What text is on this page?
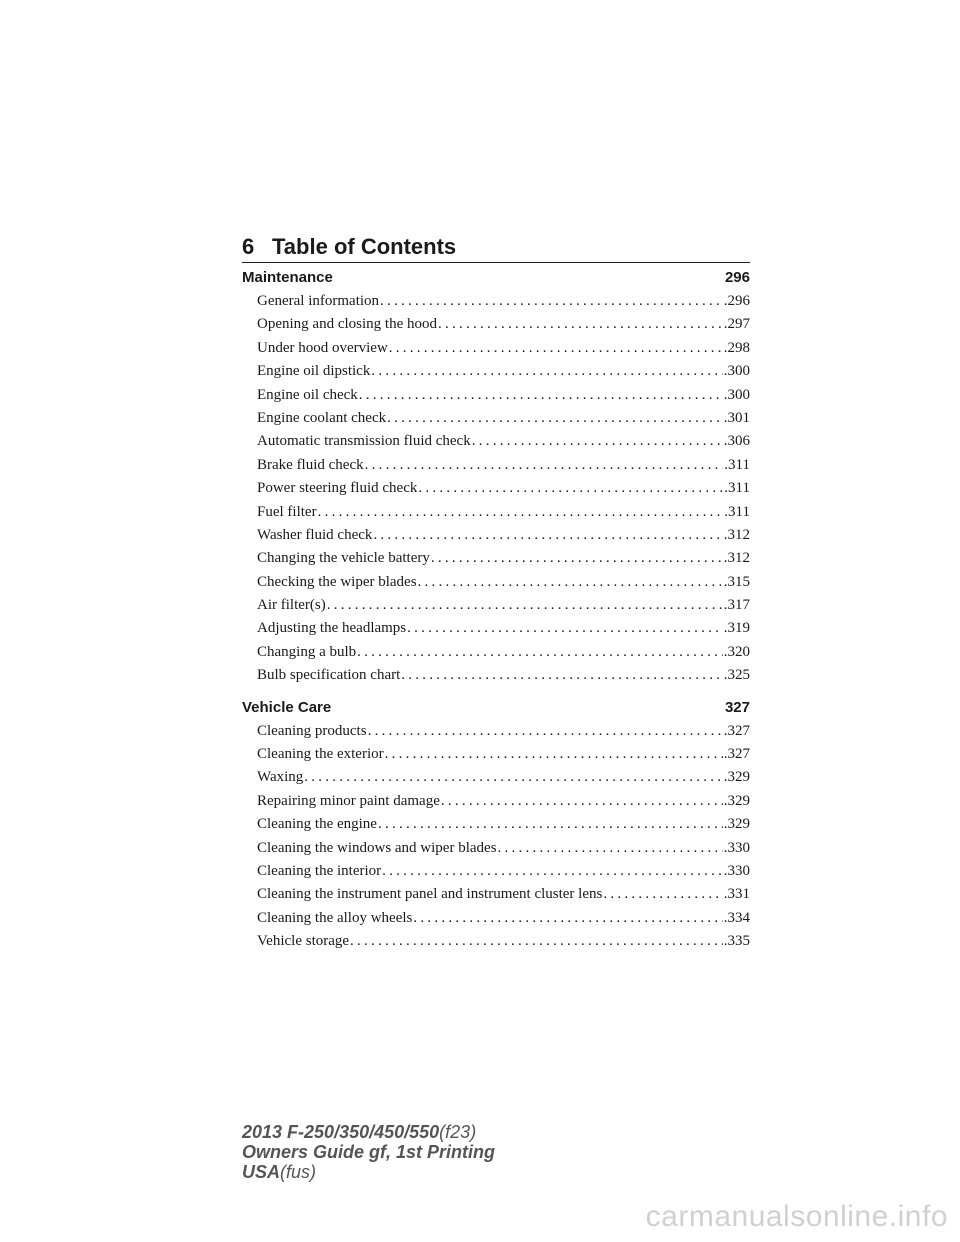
6 Table of Contents
Maintenance	296
General information . . .	.296
Opening and closing the hood . . .	.297
Under hood overview . . .	.298
Engine oil dipstick . . .	.300
Engine oil check . . .	.300
Engine coolant check . . .	.301
Automatic transmission fluid check . . .	.306
Brake fluid check . . .	.311
Power steering fluid check . . .	.311
Fuel filter . . .	.311
Washer fluid check . . .	.312
Changing the vehicle battery . . .	.312
Checking the wiper blades . . .	.315
Air filter(s) . . .	.317
Adjusting the headlamps . . .	.319
Changing a bulb . . .	.320
Bulb specification chart . . .	.325
Vehicle Care	327
Cleaning products . . .	.327
Cleaning the exterior . . .	.327
Waxing . . .	.329
Repairing minor paint damage . . .	.329
Cleaning the engine . . .	.329
Cleaning the windows and wiper blades . . .	.330
Cleaning the interior . . .	.330
Cleaning the instrument panel and instrument cluster lens . . .	.331
Cleaning the alloy wheels . . .	.334
Vehicle storage . . .	.335
2013 F-250/350/450/550(f23)
Owners Guide gf, 1st Printing
USA(fus)
carmanualsonline.info
